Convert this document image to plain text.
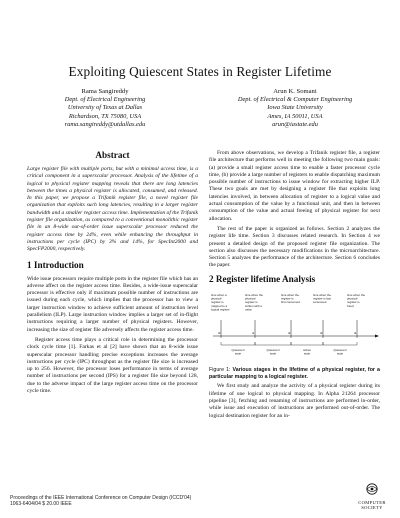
Exploiting Quiescent States in Register Lifetime
Rama Sangireddy
Dept. of Electrical Engineering
University of Texas at Dallas
Richardson, TX 75080, USA
rama.sangireddy@utdallas.edu
Arun K. Somani
Dept. of Electrical & Computer Engineering
Iowa State University
Ames, IA 50011, USA
arun@iastate.edu
Abstract

Large register file with multiple ports, but with a minimal access time, is a critical component in a superscalar processor. Analysis of the lifetime of a logical to physical register mapping reveals that there are long latencies between the times a physical register is allocated, consumed, and released. In this paper, we propose a Trifanik register file, a novel register file organization that exploits such long latencies, resulting in a larger register bandwidth and a smaller register access time. Implementation of the Trifanik register file organization, as compared to a conventional monolithic register file in an 8-wide out-of-order issue superscalar processor reduced the register access time by 24%, even while enhancing the throughput in instructions per cycle (IPC) by 3% and 14%, for SpecInt2000 and SpecFP2000, respectively.

1 Introduction

Wide issue processors require multiple ports in the register file which has an adverse affect on the register access time. Besides, a wide-issue superscalar processor is effective only if maximum possible number of instructions are issued during each cycle, which implies that the processor has to view a larger instruction window to achieve sufficient amount of instruction level parallelism (ILP). Large instruction window implies a larger set of in-flight instructions requiring a larger number of physical registers. However, increasing the size of register file adversely affects the register access time.

Register access time plays a critical role in determining the processor clock cycle time [1]. Farkas et al [2] have shown that an 8-wide issue superscalar processor handling precise exceptions increases the average instructions per cycle (IPC) throughput as the register file size is increased up to 256. However, the processor loses performance in terms of average number of instructions per second (IPS) for a register file size beyond 128, due to the adverse impact of the large register access time on the processor cycle time.

From above observations, we develop a Trifanik register file, a register file architecture that performs well in meeting the following two main goals: (a) provide a small register access time to enable a faster processor cycle time, (b) provide a large number of registers to enable dispatching maximum possible number of instructions to issue window for extracting higher ILP. These two goals are met by designing a register file that exploits long latencies involved, in between allocation of register to a logical value and actual consumption of the value by a functional unit, and then in between consumption of the value and actual freeing of physical register for next allocation.

The rest of the paper is organized as follows. Section 2 analyzes the register life time. Section 3 discusses related research. In Section 4 we present a detailed design of the proposed register file organization. The section also discusses the necessary modifications in the microarchitecture. Section 5 analyzes the performance of the architecture. Section 6 concludes the paper.

2 Register lifetime Analysis
time when a physical register is mapped to a logical register
time when the physical register is written with a value
time when the register is first consumed
time when the register is last consumed
time when the physical register is freed
t0	t1	t2	t3	t4
Quiescent state
Quiescent state
Active state
Quiescent state
Figure 1: Various stages in the lifetime of a physical register, for a particular mapping to a logical register.

We first study and analyze the activity of a physical register during its lifetime of one logical to physical mapping. In Alpha 21264 processor pipeline [3], fetching and renaming of instructions are performed in-order, while issue and execution of instructions are performed out-of-order. The logical destination register for an in-

Proceedings of the IEEE International Conference on Computer Design (ICCD'04)
1063-6404/04 $ 20.00 IEEE	COMPUTER
SOCIETY
